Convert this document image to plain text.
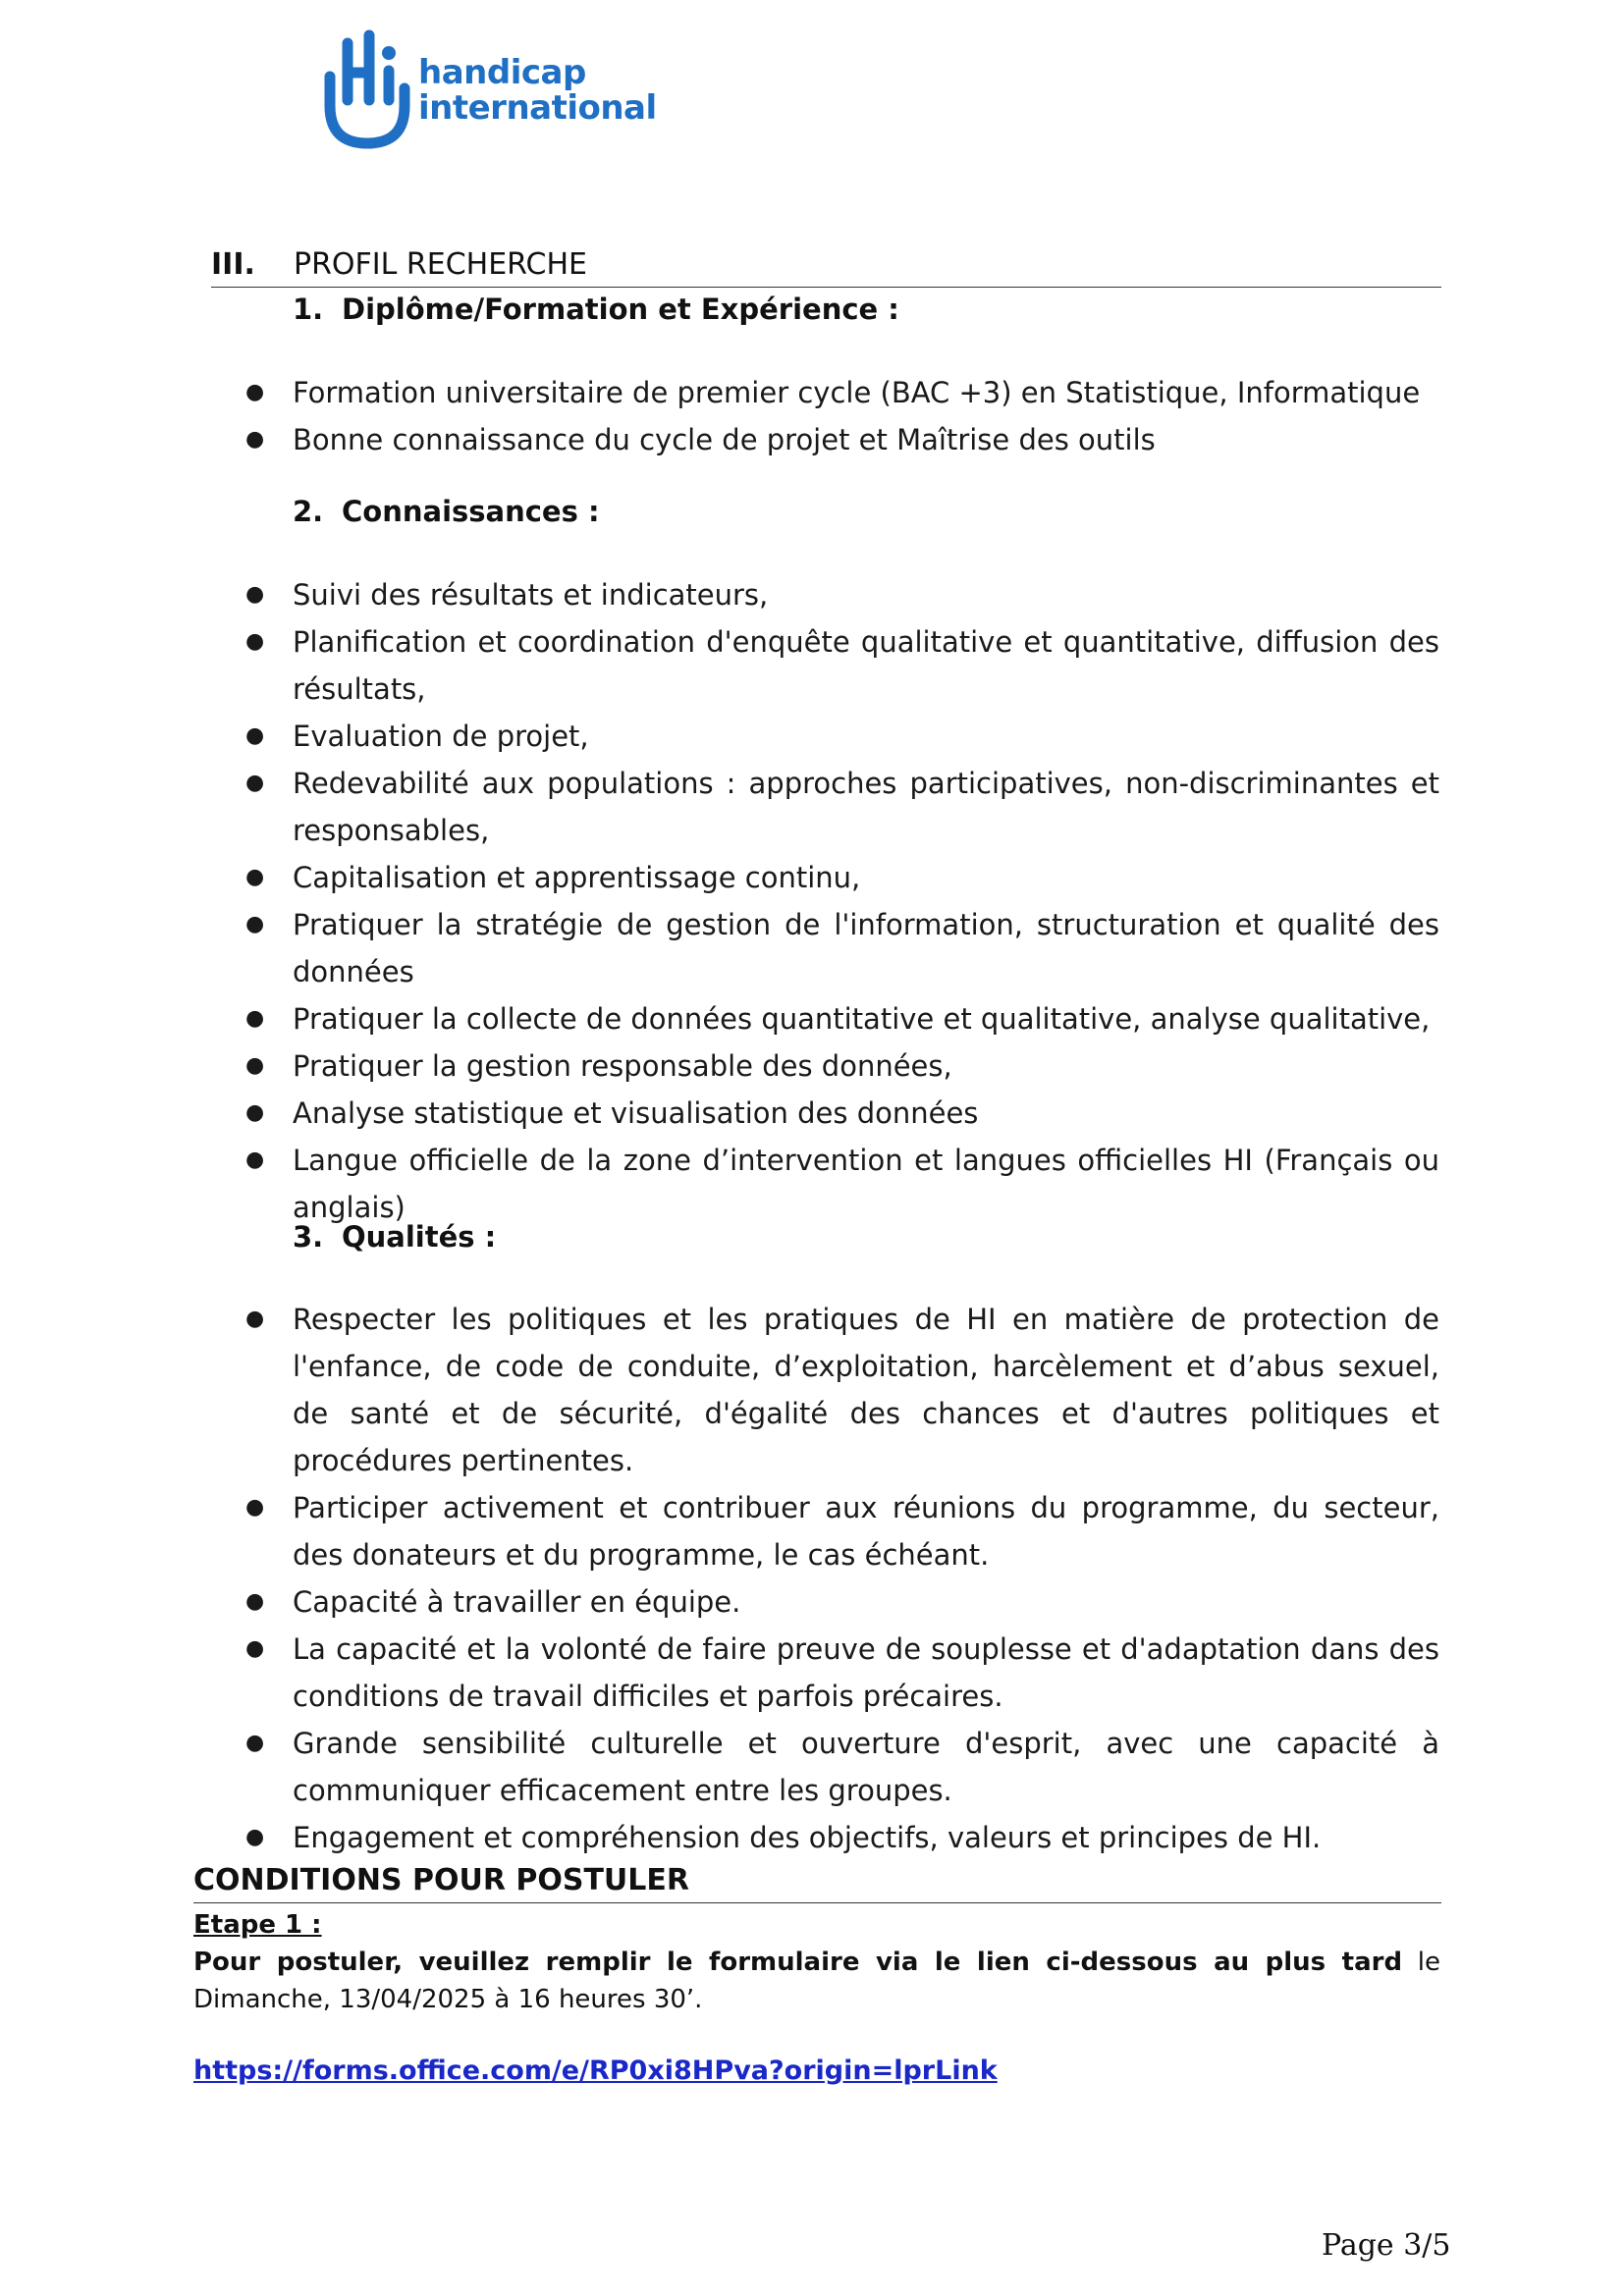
handicap
international
III. PROFIL RECHERCHE
1. Diplôme/Formation et Expérience :
● Formation universitaire de premier cycle (BAC +3) en Statistique, Informatique
● Bonne connaissance du cycle de projet et Maîtrise des outils
2. Connaissances :
● Suivi des résultats et indicateurs,
● Planification et coordination d'enquête qualitative et quantitative, diffusion des résultats,
● Evaluation de projet,
● Redevabilité aux populations : approches participatives, non-discriminantes et responsables,
● Capitalisation et apprentissage continu,
● Pratiquer la stratégie de gestion de l'information, structuration et qualité des données
● Pratiquer la collecte de données quantitative et qualitative, analyse qualitative,
● Pratiquer la gestion responsable des données,
● Analyse statistique et visualisation des données
● Langue officielle de la zone d’intervention et langues officielles HI (Français ou anglais)
3. Qualités :
● Respecter les politiques et les pratiques de HI en matière de protection de l'enfance, de code de conduite, d’exploitation, harcèlement et d’abus sexuel, de santé et de sécurité, d'égalité des chances et d'autres politiques et procédures pertinentes.
● Participer activement et contribuer aux réunions du programme, du secteur, des donateurs et du programme, le cas échéant.
● Capacité à travailler en équipe.
● La capacité et la volonté de faire preuve de souplesse et d'adaptation dans des conditions de travail difficiles et parfois précaires.
● Grande sensibilité culturelle et ouverture d'esprit, avec une capacité à communiquer efficacement entre les groupes.
● Engagement et compréhension des objectifs, valeurs et principes de HI.
CONDITIONS POUR POSTULER
Etape 1 :
Pour postuler, veuillez remplir le formulaire via le lien ci-dessous au plus tard le Dimanche, 13/04/2025 à 16 heures 30’.
https://forms.office.com/e/RP0xi8HPva?origin=lprLink
Page 3/5
